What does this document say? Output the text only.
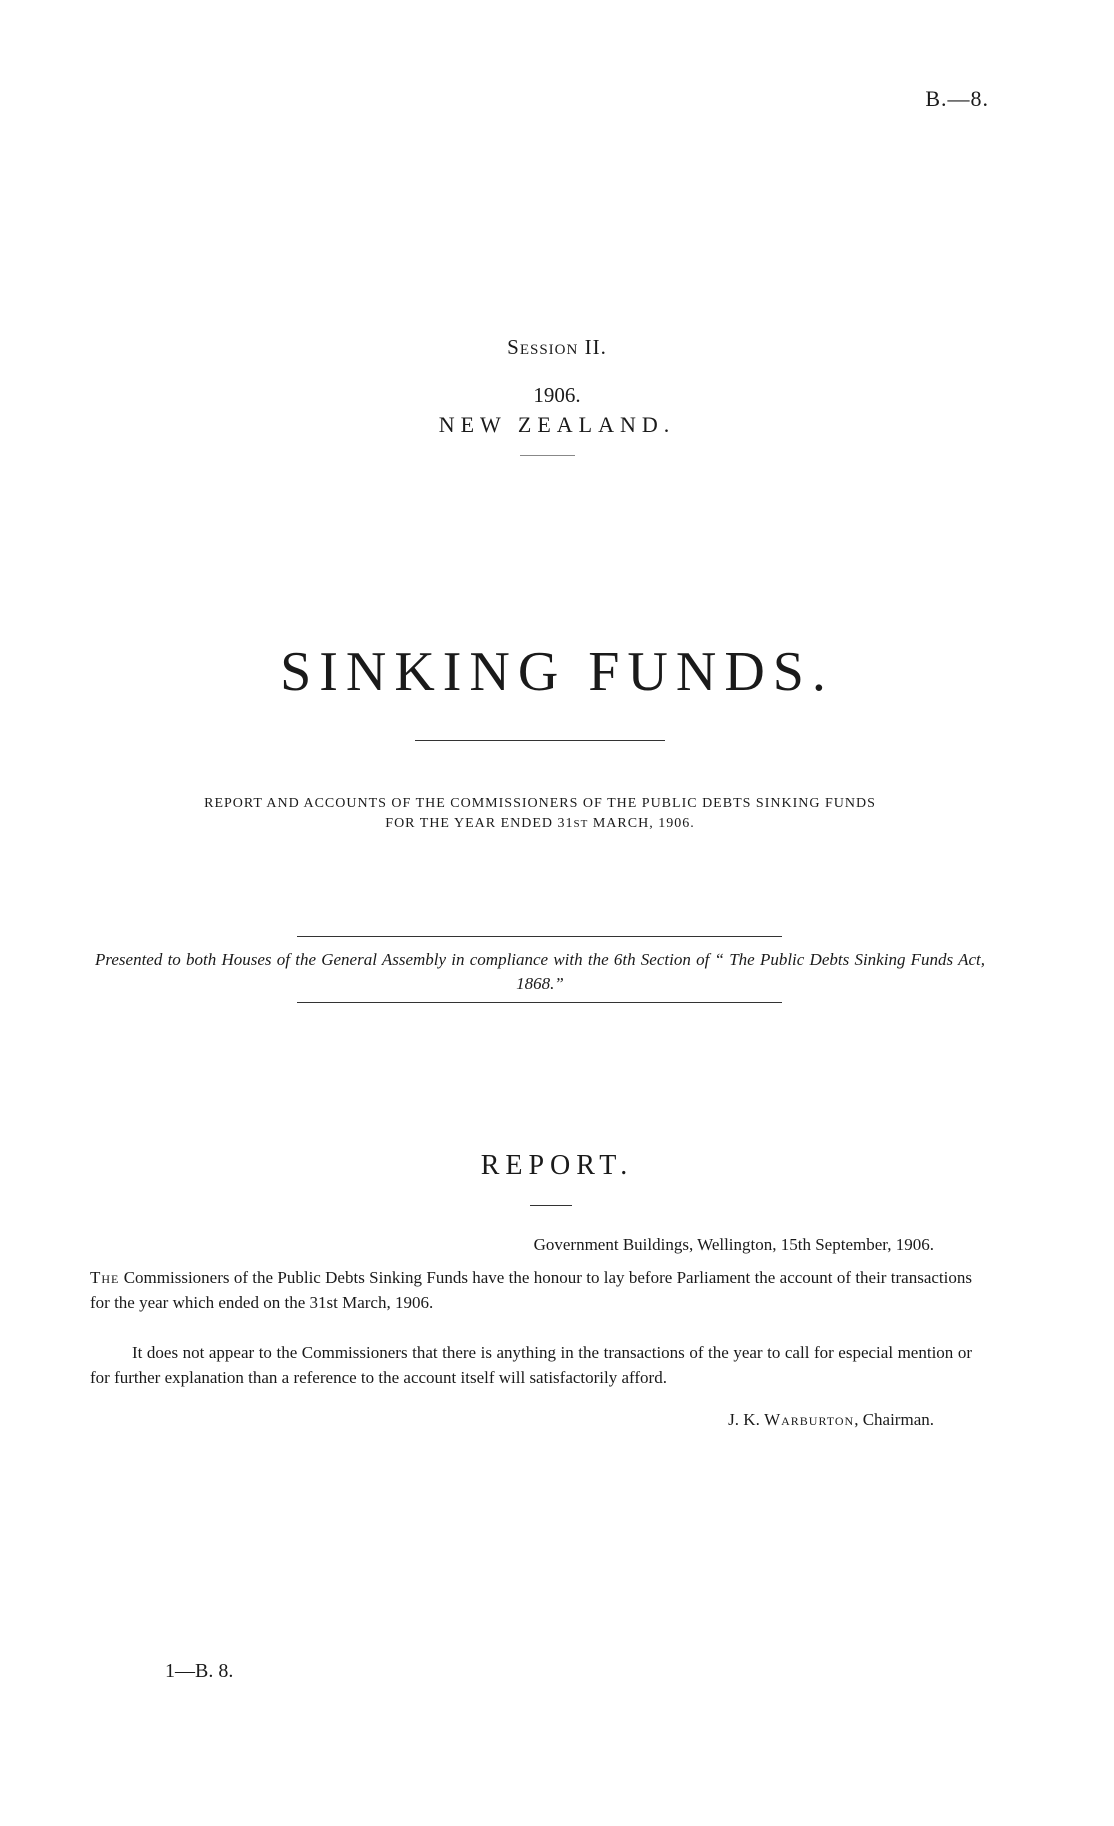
B.—8.
Session II.
1906.
NEW ZEALAND.
SINKING FUNDS.
REPORT AND ACCOUNTS OF THE COMMISSIONERS OF THE PUBLIC DEBTS SINKING FUNDS
FOR THE YEAR ENDED 31ST MARCH, 1906.
Presented to both Houses of the General Assembly in compliance with the 6th Section of “ The Public Debts Sinking Funds Act, 1868.”
REPORT.
Government Buildings, Wellington, 15th September, 1906.
The Commissioners of the Public Debts Sinking Funds have the honour to lay before Parliament the account of their transactions for the year which ended on the 31st March, 1906.
It does not appear to the Commissioners that there is anything in the transactions of the year to call for especial mention or for further explanation than a reference to the account itself will satisfactorily afford.
J. K. Warburton, Chairman.
1—B. 8.
